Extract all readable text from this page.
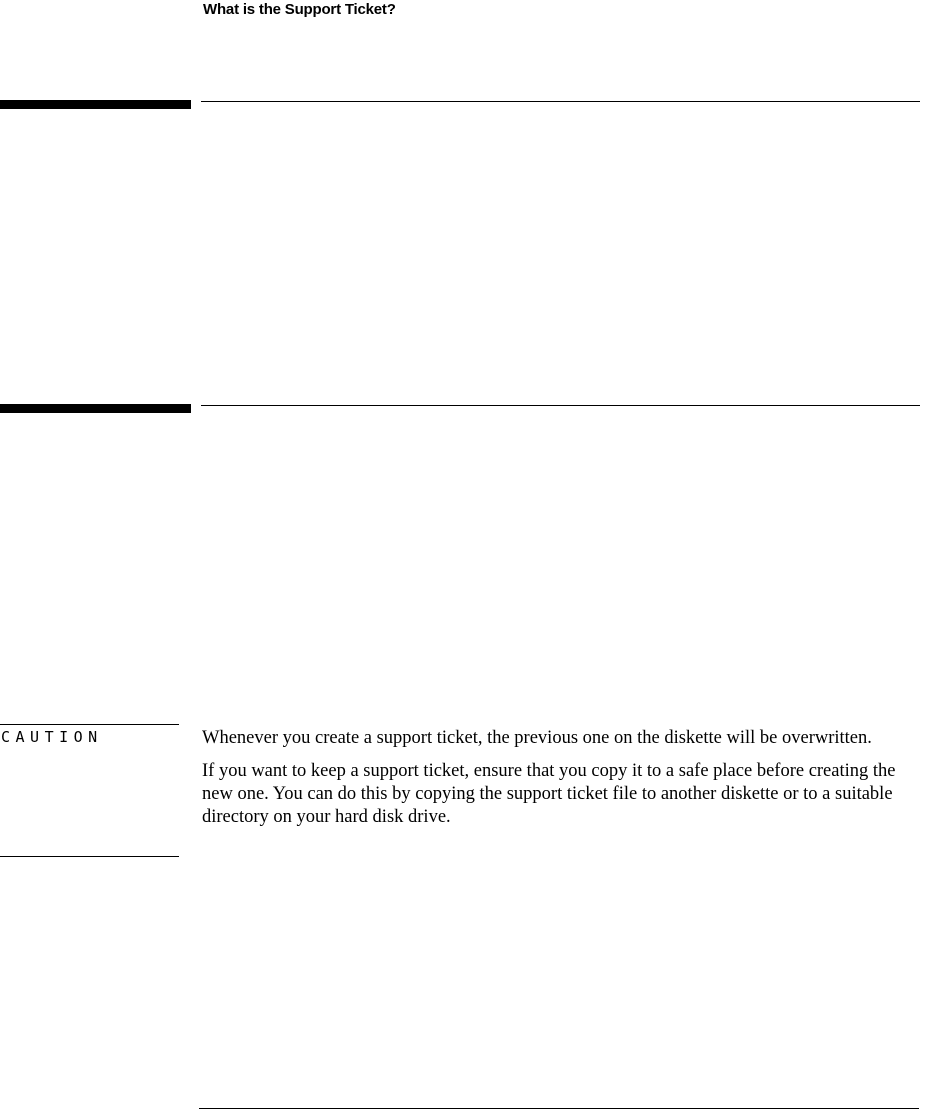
What is the Support Ticket?
CAUTION	Whenever you create a support ticket, the previous one on the diskette will be overwritten.

If you want to keep a support ticket, ensure that you copy it to a safe place before creating the new one. You can do this by copying the support ticket file to another diskette or to a suitable directory on your hard disk drive.
